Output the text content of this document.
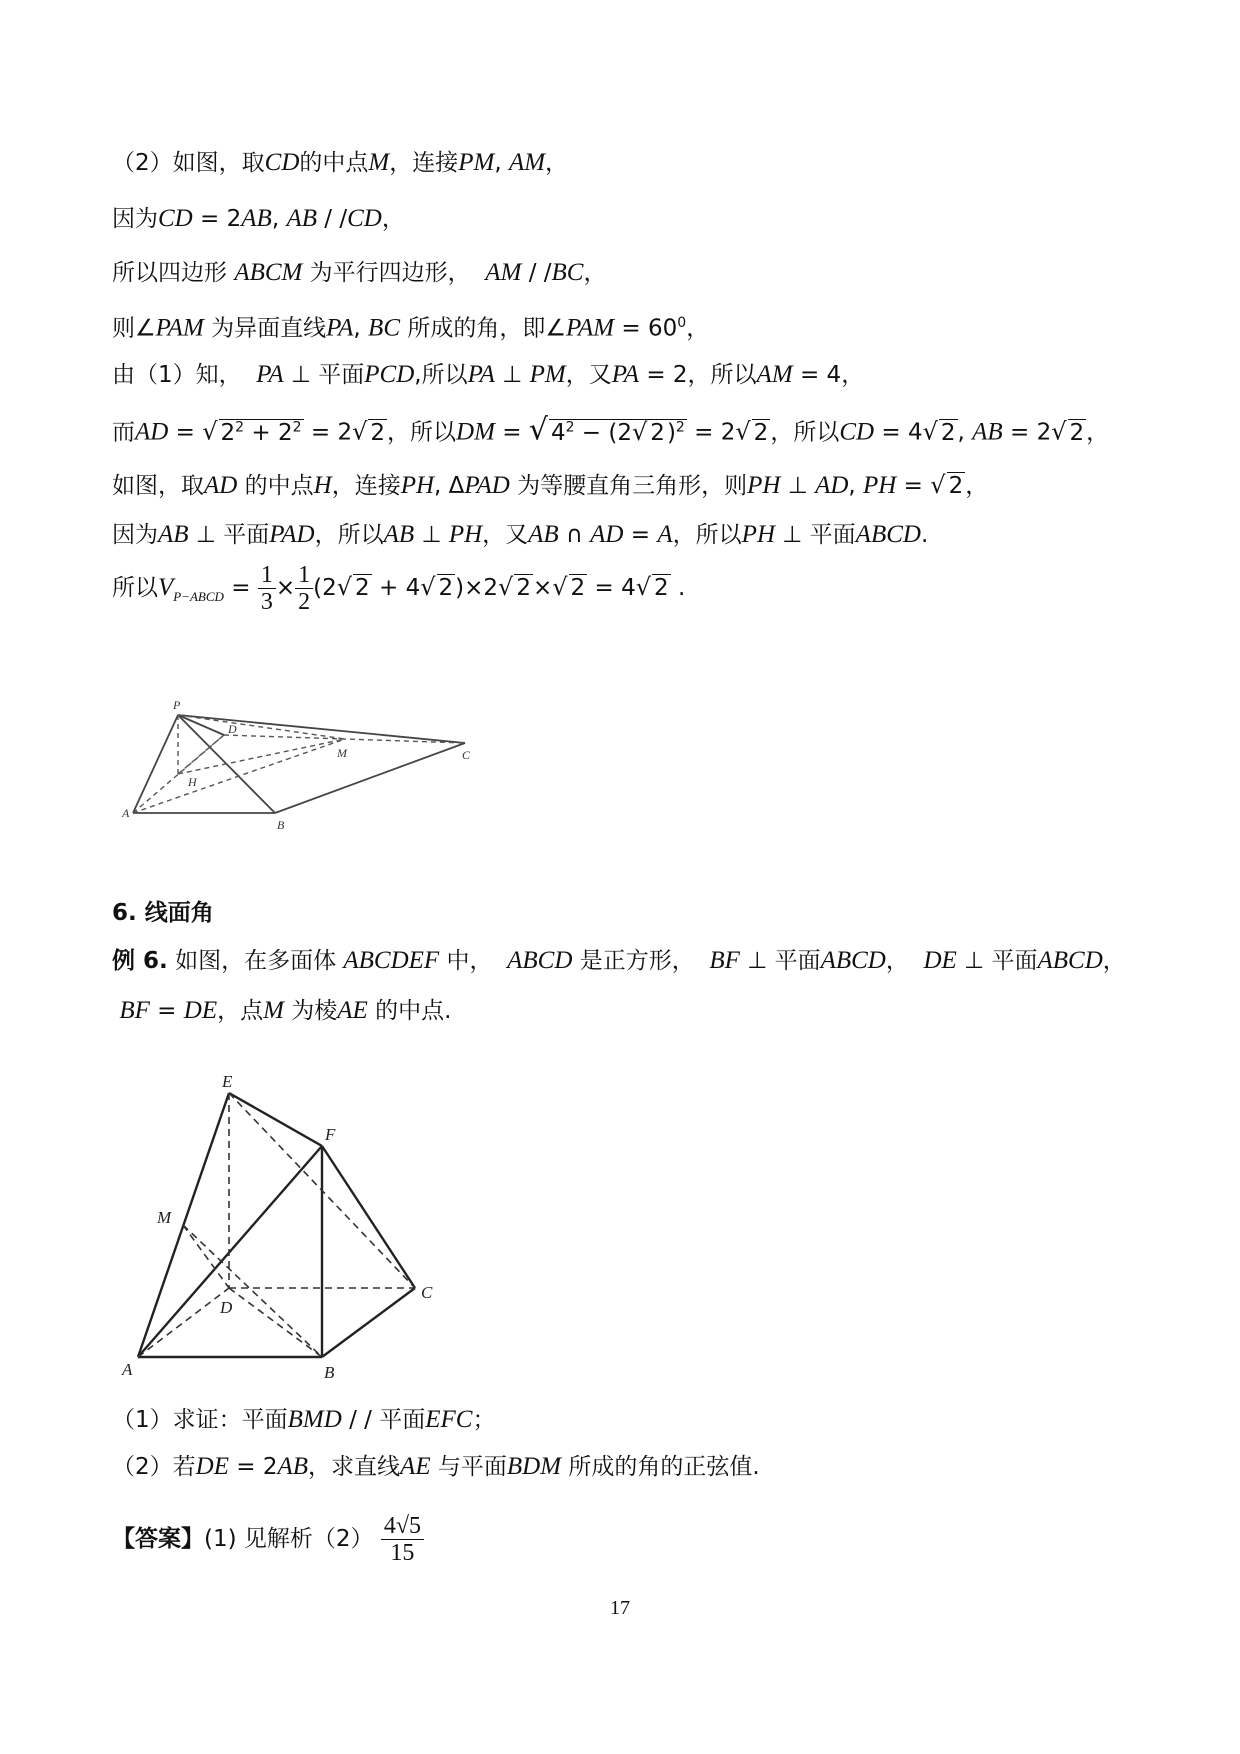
（2）如图，取CD的中点M，连接PM, AM，
因为CD = 2AB, AB / /CD，
所以四边形 ABCM 为平行四边形， AM / /BC，
则∠PAM 为异面直线PA, BC 所成的角，即∠PAM = $60^0$，
由（1）知， PA ⊥ 平面PCD,所以PA ⊥ PM，又PA = 2，所以AM = 4，
而AD = √ $2^2 + 2^2 = 2√$ 2，所以DM = √ $4^2 - (2√$ 2)$^2$ = 2√ 2，所以CD = 4√ 2, AB = 2√ 2，
如图，取AD 的中点H，连接PH, ΔPAD 为等腰直角三角形，则PH ⊥ AD, PH = √ 2，
因为AB ⊥ 平面PAD，所以AB ⊥ PH，又AB ∩ AD = A，所以PH ⊥ 平面ABCD.
所以$V_{P-ABCD} = \frac{1}{3} \times \frac{1}{2} (2√$ 2 + 4√ 2)×2√ 2×√ 2 = 4√ 2 .
P
D
M	C
H
A
B
6. 线面角
例 6. 如图，在多面体 ABCDEF 中， ABCD 是正方形， BF ⊥ 平面ABCD， DE ⊥ 平面ABCD，
BF = DE，点M 为棱AE 的中点.
E
F
M
C
D
A	B
（1）求证：平面BMD / / 平面EFC；
（2）若DE = 2AB，求直线AE 与平面BDM 所成的角的正弦值.
【答案】(1) 见解析$(2) \frac{4√5}{15}$
17
